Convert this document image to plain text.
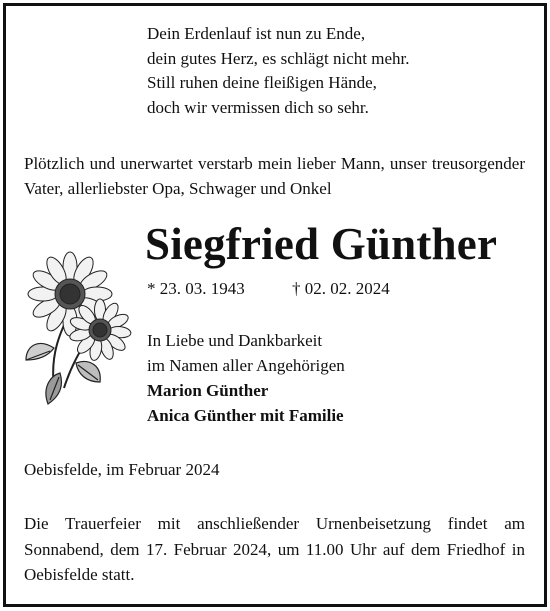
Dein Erdenlauf ist nun zu Ende,
dein gutes Herz, es schlägt nicht mehr.
Still ruhen deine fleißigen Hände,
doch wir vermissen dich so sehr.
Plötzlich und unerwartet verstarb mein lieber Mann, unser treusorgender Vater, allerliebster Opa, Schwager und Onkel
Siegfried Günther
* 23. 03. 1943	† 02. 02. 2024
In Liebe und Dankbarkeit
im Namen aller Angehörigen
Marion Günther
Anica Günther mit Familie
Oebisfelde, im Februar 2024
Die Trauerfeier mit anschließender Urnenbeisetzung findet am Sonnabend, dem 17. Februar 2024, um 11.00 Uhr auf dem Friedhof in Oebisfelde statt.
